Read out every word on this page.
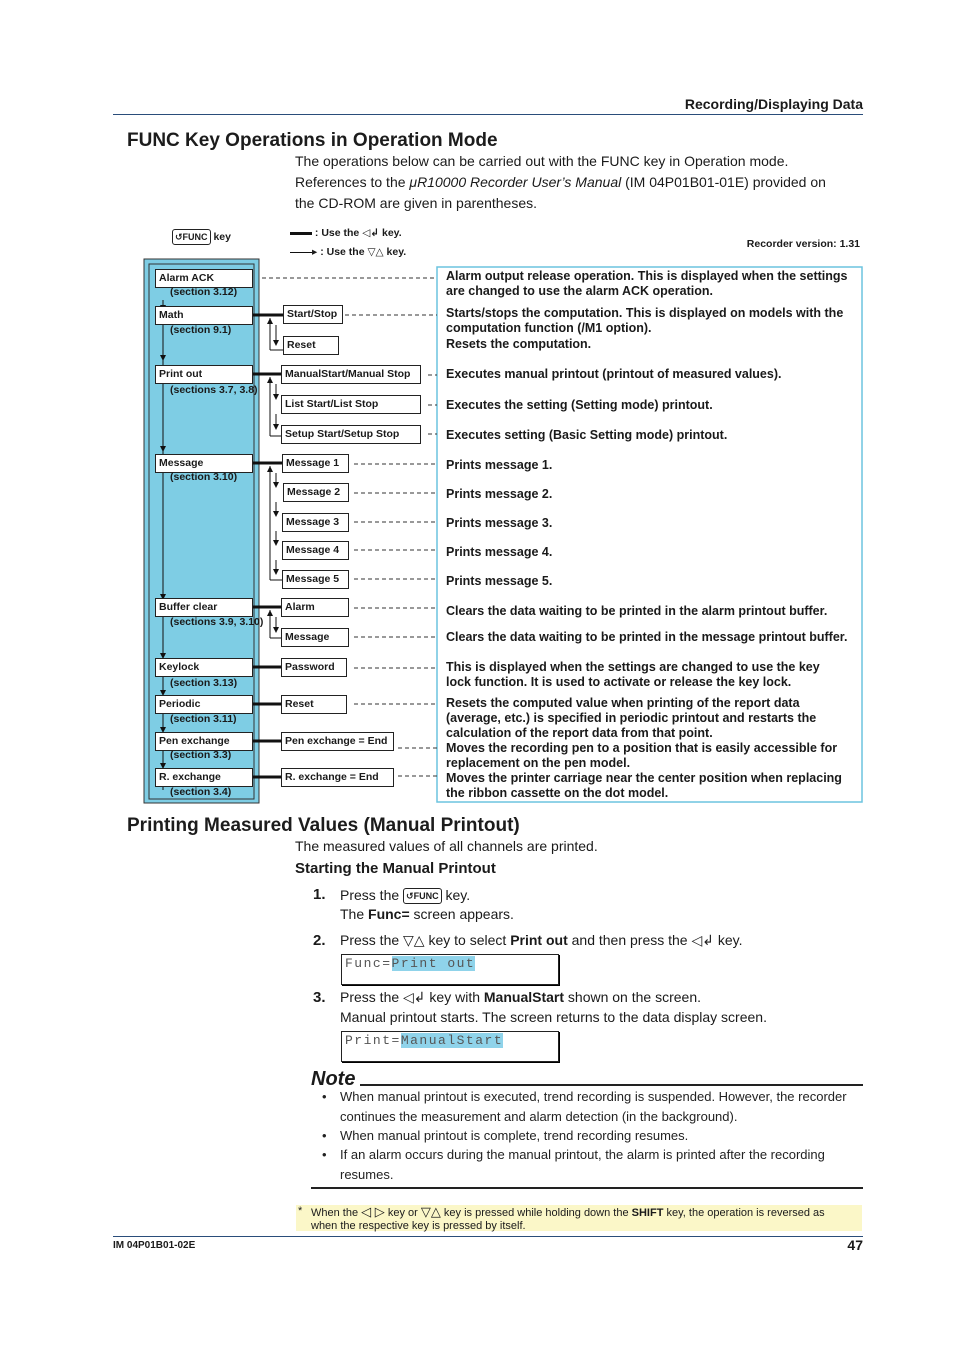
Recording/Displaying Data
FUNC Key Operations in Operation Mode
The operations below can be carried out with the FUNC key in Operation mode.
References to the μR10000 Recorder User’s Manual (IM 04P01B01-01E) provided on
the CD-ROM are given in parentheses.
↺FUNC key	: Use the ◁↲ key.
▸ : Use the ▽△ key.
Recorder version: 1.31
Alarm ACK
(section 3.12)
Math
(section 9.1)
Print out
(sections 3.7, 3.8)
Message
(section 3.10)
Buffer clear
(sections 3.9, 3.10)
Keylock
(section 3.13)
Periodic
(section 3.11)
Pen exchange
(section 3.3)
R. exchange
(section 3.4)
Start/Stop
Reset
ManualStart/Manual Stop
List Start/List Stop
Setup Start/Setup Stop
Message 1
Message 2
Message 3
Message 4
Message 5
Alarm
Message
Password
Reset
Pen exchange = End
R. exchange = End
Alarm output release operation. This is displayed when the settings are changed to use the alarm ACK operation.
Starts/stops the computation. This is displayed on models with the computation function (/M1 option).
Resets the computation.
Executes manual printout (printout of measured values).
Executes the setting (Setting mode) printout.
Executes setting (Basic Setting mode) printout.
Prints message 1.
Prints message 2.
Prints message 3.
Prints message 4.
Prints message 5.
Clears the data waiting to be printed in the alarm printout buffer.
Clears the data waiting to be printed in the message printout buffer.
This is displayed when the settings are changed to use the key lock function. It is used to activate or release the key lock.
Resets the computed value when printing of the report data (average, etc.) is specified in periodic printout and restarts the calculation of the report data from that point.
Moves the recording pen to a position that is easily accessible for replacement on the pen model.
Moves the printer carriage near the center position when replacing the ribbon cassette on the dot model.
Printing Measured Values (Manual Printout)
The measured values of all channels are printed.
Starting the Manual Printout
1. Press the ↺FUNC key.
The Func= screen appears.
2. Press the ▽△ key to select Print out and then press the ◁↲ key.
Func=Print out
3. Press the ◁↲ key with ManualStart shown on the screen.
Manual printout starts. The screen returns to the data display screen.
Print=ManualStart
Note
• When manual printout is executed, trend recording is suspended. However, the recorder continues the measurement and alarm detection (in the background).
• When manual printout is complete, trend recording resumes.
• If an alarm occurs during the manual printout, the alarm is printed after the recording resumes.
* When the ◁ ▷ key or ▽△ key is pressed while holding down the SHIFT key, the operation is reversed as
when the respective key is pressed by itself.
IM 04P01B01-02E	47
